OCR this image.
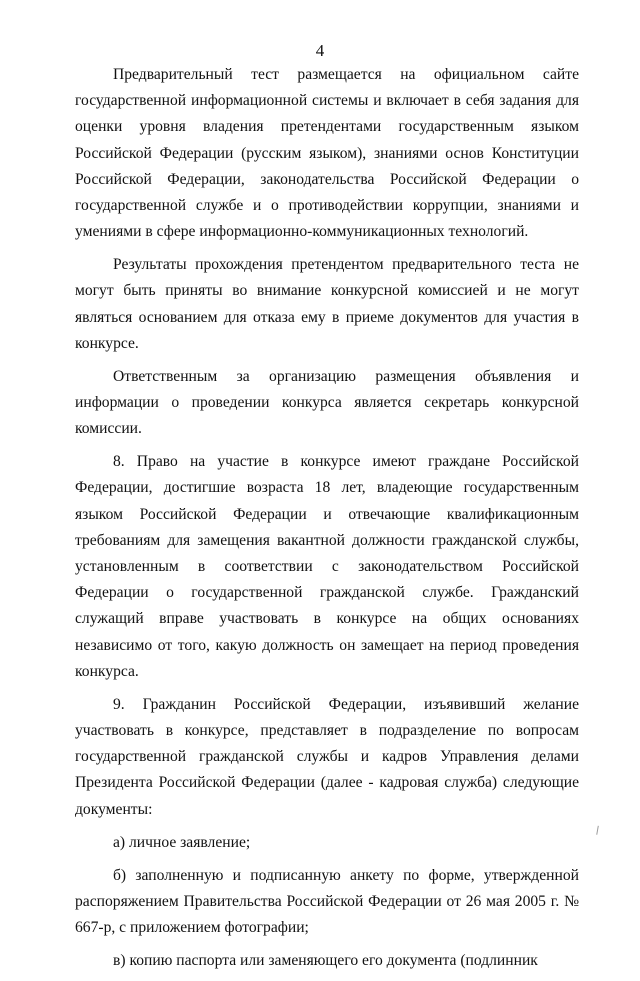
4

Предварительный тест размещается на официальном сайте государственной информационной системы и включает в себя задания для оценки уровня владения претендентами государственным языком Российской Федерации (русским языком), знаниями основ Конституции Российской Федерации, законодательства Российской Федерации о государственной службе и о противодействии коррупции, знаниями и умениями в сфере информационно-коммуникационных технологий.

Результаты прохождения претендентом предварительного теста не могут быть приняты во внимание конкурсной комиссией и не могут являться основанием для отказа ему в приеме документов для участия в конкурсе.

Ответственным за организацию размещения объявления и информации о проведении конкурса является секретарь конкурсной комиссии.

8. Право на участие в конкурсе имеют граждане Российской Федерации, достигшие возраста 18 лет, владеющие государственным языком Российской Федерации и отвечающие квалификационным требованиям для замещения вакантной должности гражданской службы, установленным в соответствии с законодательством Российской Федерации о государственной гражданской службе. Гражданский служащий вправе участвовать в конкурсе на общих основаниях независимо от того, какую должность он замещает на период проведения конкурса.

9. Гражданин Российской Федерации, изъявивший желание участвовать в конкурсе, представляет в подразделение по вопросам государственной гражданской службы и кадров Управления делами Президента Российской Федерации (далее - кадровая служба) следующие документы:

а) личное заявление;

б) заполненную и подписанную анкету по форме, утвержденной распоряжением Правительства Российской Федерации от 26 мая 2005 г. № 667-р, с приложением фотографии;

в) копию паспорта или заменяющего его документа (подлинник
